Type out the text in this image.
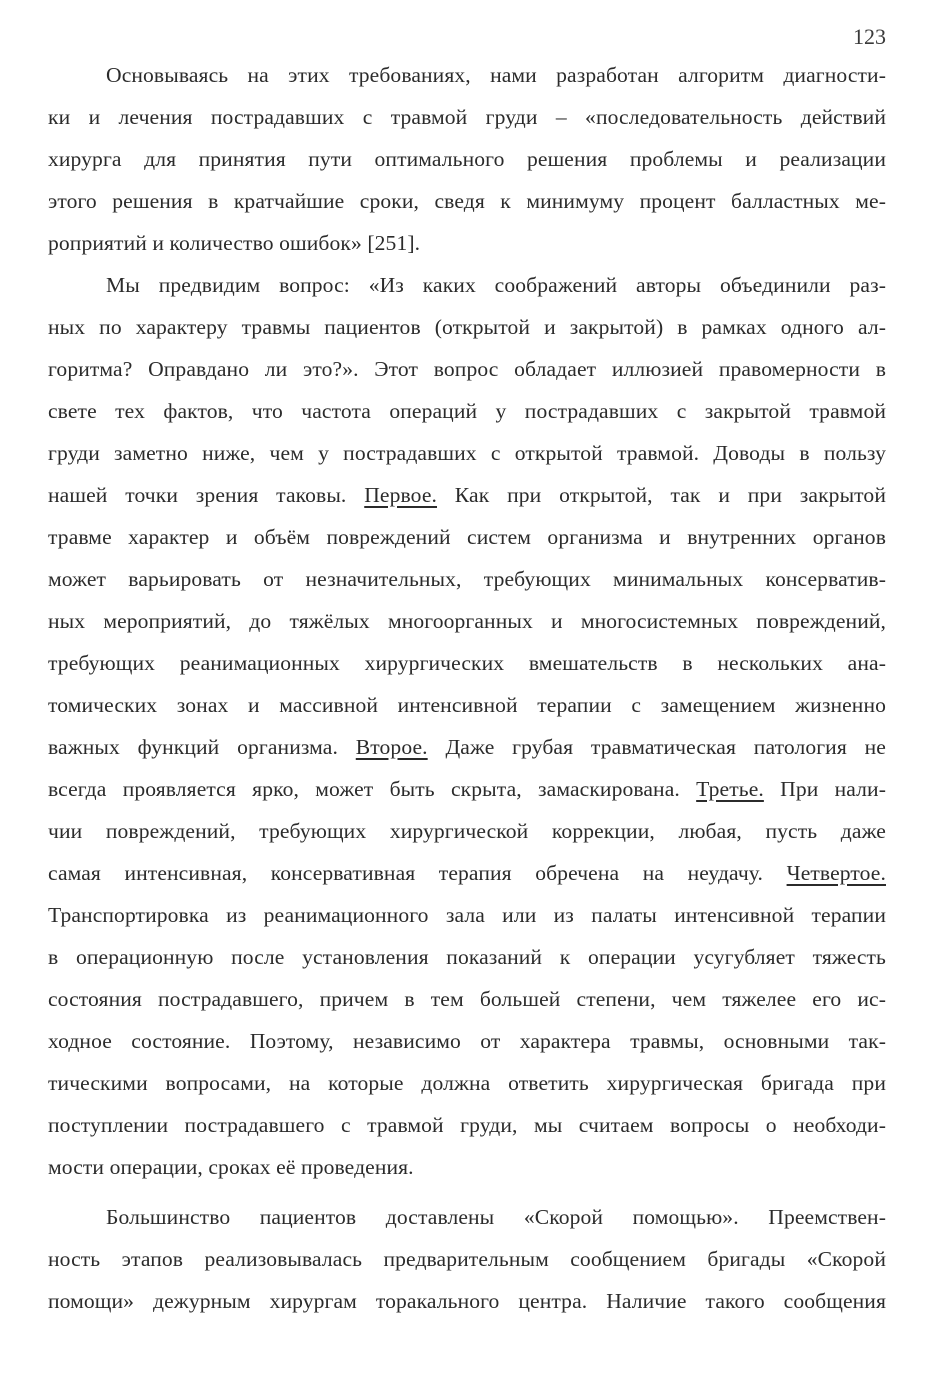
123
Основываясь на этих требованиях, нами разработан алгоритм диагности-
ки и лечения пострадавших с травмой груди – «последовательность действий
хирурга для принятия пути оптимального решения проблемы и реализации
этого решения в кратчайшие сроки, сведя к минимуму процент балластных ме-
роприятий и количество ошибок» [251].
Мы предвидим вопрос: «Из каких соображений авторы объединили раз-
ных по характеру травмы пациентов (открытой и закрытой) в рамках одного ал-
горитма? Оправдано ли это?». Этот вопрос обладает иллюзией правомерности в
свете тех фактов, что частота операций у пострадавших с закрытой травмой
груди заметно ниже, чем у пострадавших с открытой травмой. Доводы в пользу
нашей точки зрения таковы. Первое. Как при открытой, так и при закрытой
травме характер и объём повреждений систем организма и внутренних органов
может варьировать от незначительных, требующих минимальных консерватив-
ных мероприятий, до тяжёлых многоорганных и многосистемных повреждений,
требующих реанимационных хирургических вмешательств в нескольких ана-
томических зонах и массивной интенсивной терапии с замещением жизненно
важных функций организма. Второе. Даже грубая травматическая патология не
всегда проявляется ярко, может быть скрыта, замаскирована. Третье. При нали-
чии повреждений, требующих хирургической коррекции, любая, пусть даже
самая интенсивная, консервативная терапия обречена на неудачу. Четвертое.
Транспортировка из реанимационного зала или из палаты интенсивной терапии
в операционную после установления показаний к операции усугубляет тяжесть
состояния пострадавшего, причем в тем большей степени, чем тяжелее его ис-
ходное состояние. Поэтому, независимо от характера травмы, основными так-
тическими вопросами, на которые должна ответить хирургическая бригада при
поступлении пострадавшего с травмой груди, мы считаем вопросы о необходи-
мости операции, сроках её проведения.
Большинство пациентов доставлены «Скорой помощью». Преемствен-
ность этапов реализовывалась предварительным сообщением бригады «Скорой
помощи» дежурным хирургам торакального центра. Наличие такого сообщения
